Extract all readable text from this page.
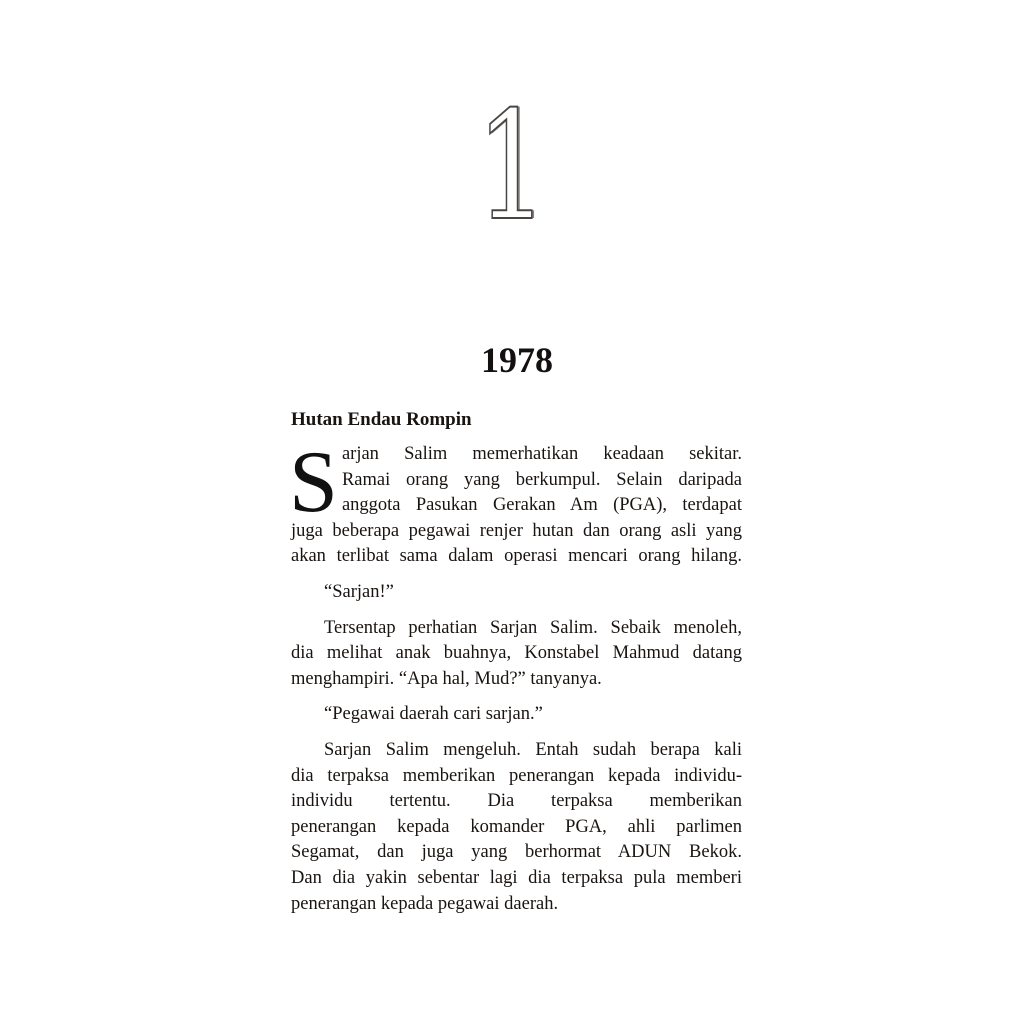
1
1978
Hutan Endau Rompin
S arjan Salim memerhatikan keadaan sekitar.
Ramai orang yang berkumpul. Selain daripada
anggota Pasukan Gerakan Am (PGA), terdapat
juga beberapa pegawai renjer hutan dan orang asli yang
akan terlibat sama dalam operasi mencari orang hilang.
“Sarjan!”
Tersentap perhatian Sarjan Salim. Sebaik menoleh,
dia melihat anak buahnya, Konstabel Mahmud datang
menghampiri. “Apa hal, Mud?” tanyanya.
“Pegawai daerah cari sarjan.”
Sarjan Salim mengeluh. Entah sudah berapa kali
dia terpaksa memberikan penerangan kepada individu-
individu tertentu. Dia terpaksa memberikan
penerangan kepada komander PGA, ahli parlimen
Segamat, dan juga yang berhormat ADUN Bekok.
Dan dia yakin sebentar lagi dia terpaksa pula memberi
penerangan kepada pegawai daerah.
